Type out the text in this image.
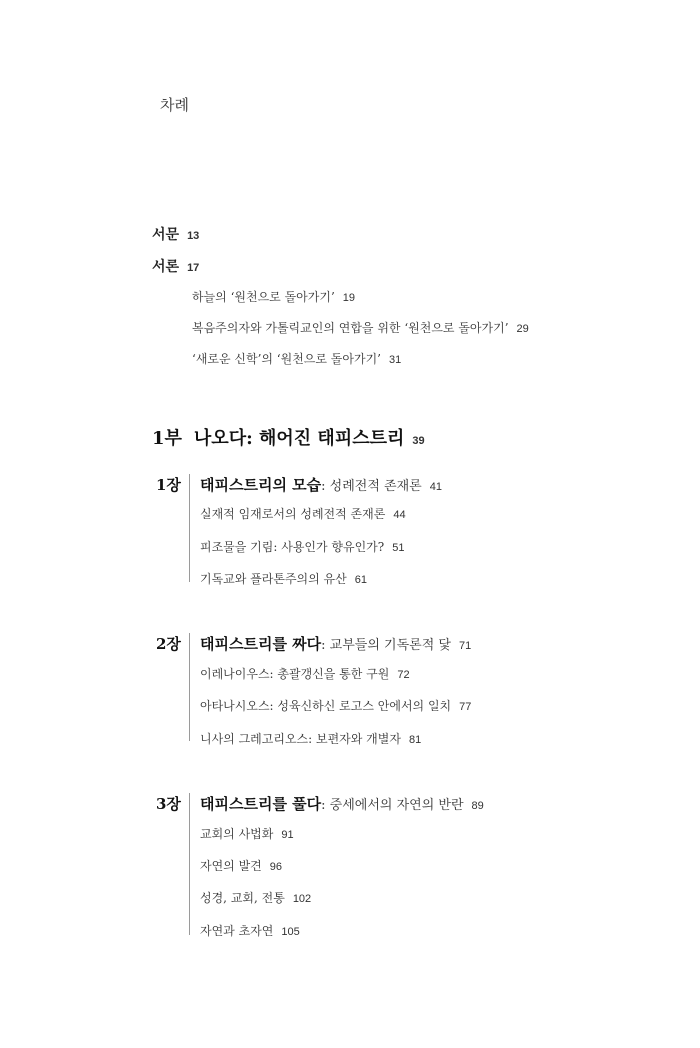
차례
서문 13
서론 17
하늘의 ‘원천으로 돌아가기’ 19
복음주의자와 가톨릭교인의 연합을 위한 ‘원천으로 돌아가기’ 29
‘새로운 신학’의 ‘원천으로 돌아가기’ 31
1부 나오다: 해어진 태피스트리 39
1장 태피스트리의 모습: 성례전적 존재론 41
실재적 임재로서의 성례전적 존재론 44
피조물을 기림: 사용인가 향유인가? 51
기독교와 플라톤주의의 유산 61
2장 태피스트리를 짜다: 교부들의 기독론적 닻 71
이레나이우스: 총괄갱신을 통한 구원 72
아타나시오스: 성육신하신 로고스 안에서의 일치 77
니사의 그레고리오스: 보편자와 개별자 81
3장 태피스트리를 풀다: 중세에서의 자연의 반란 89
교회의 사법화 91
자연의 발견 96
성경, 교회, 전통 102
자연과 초자연 105
